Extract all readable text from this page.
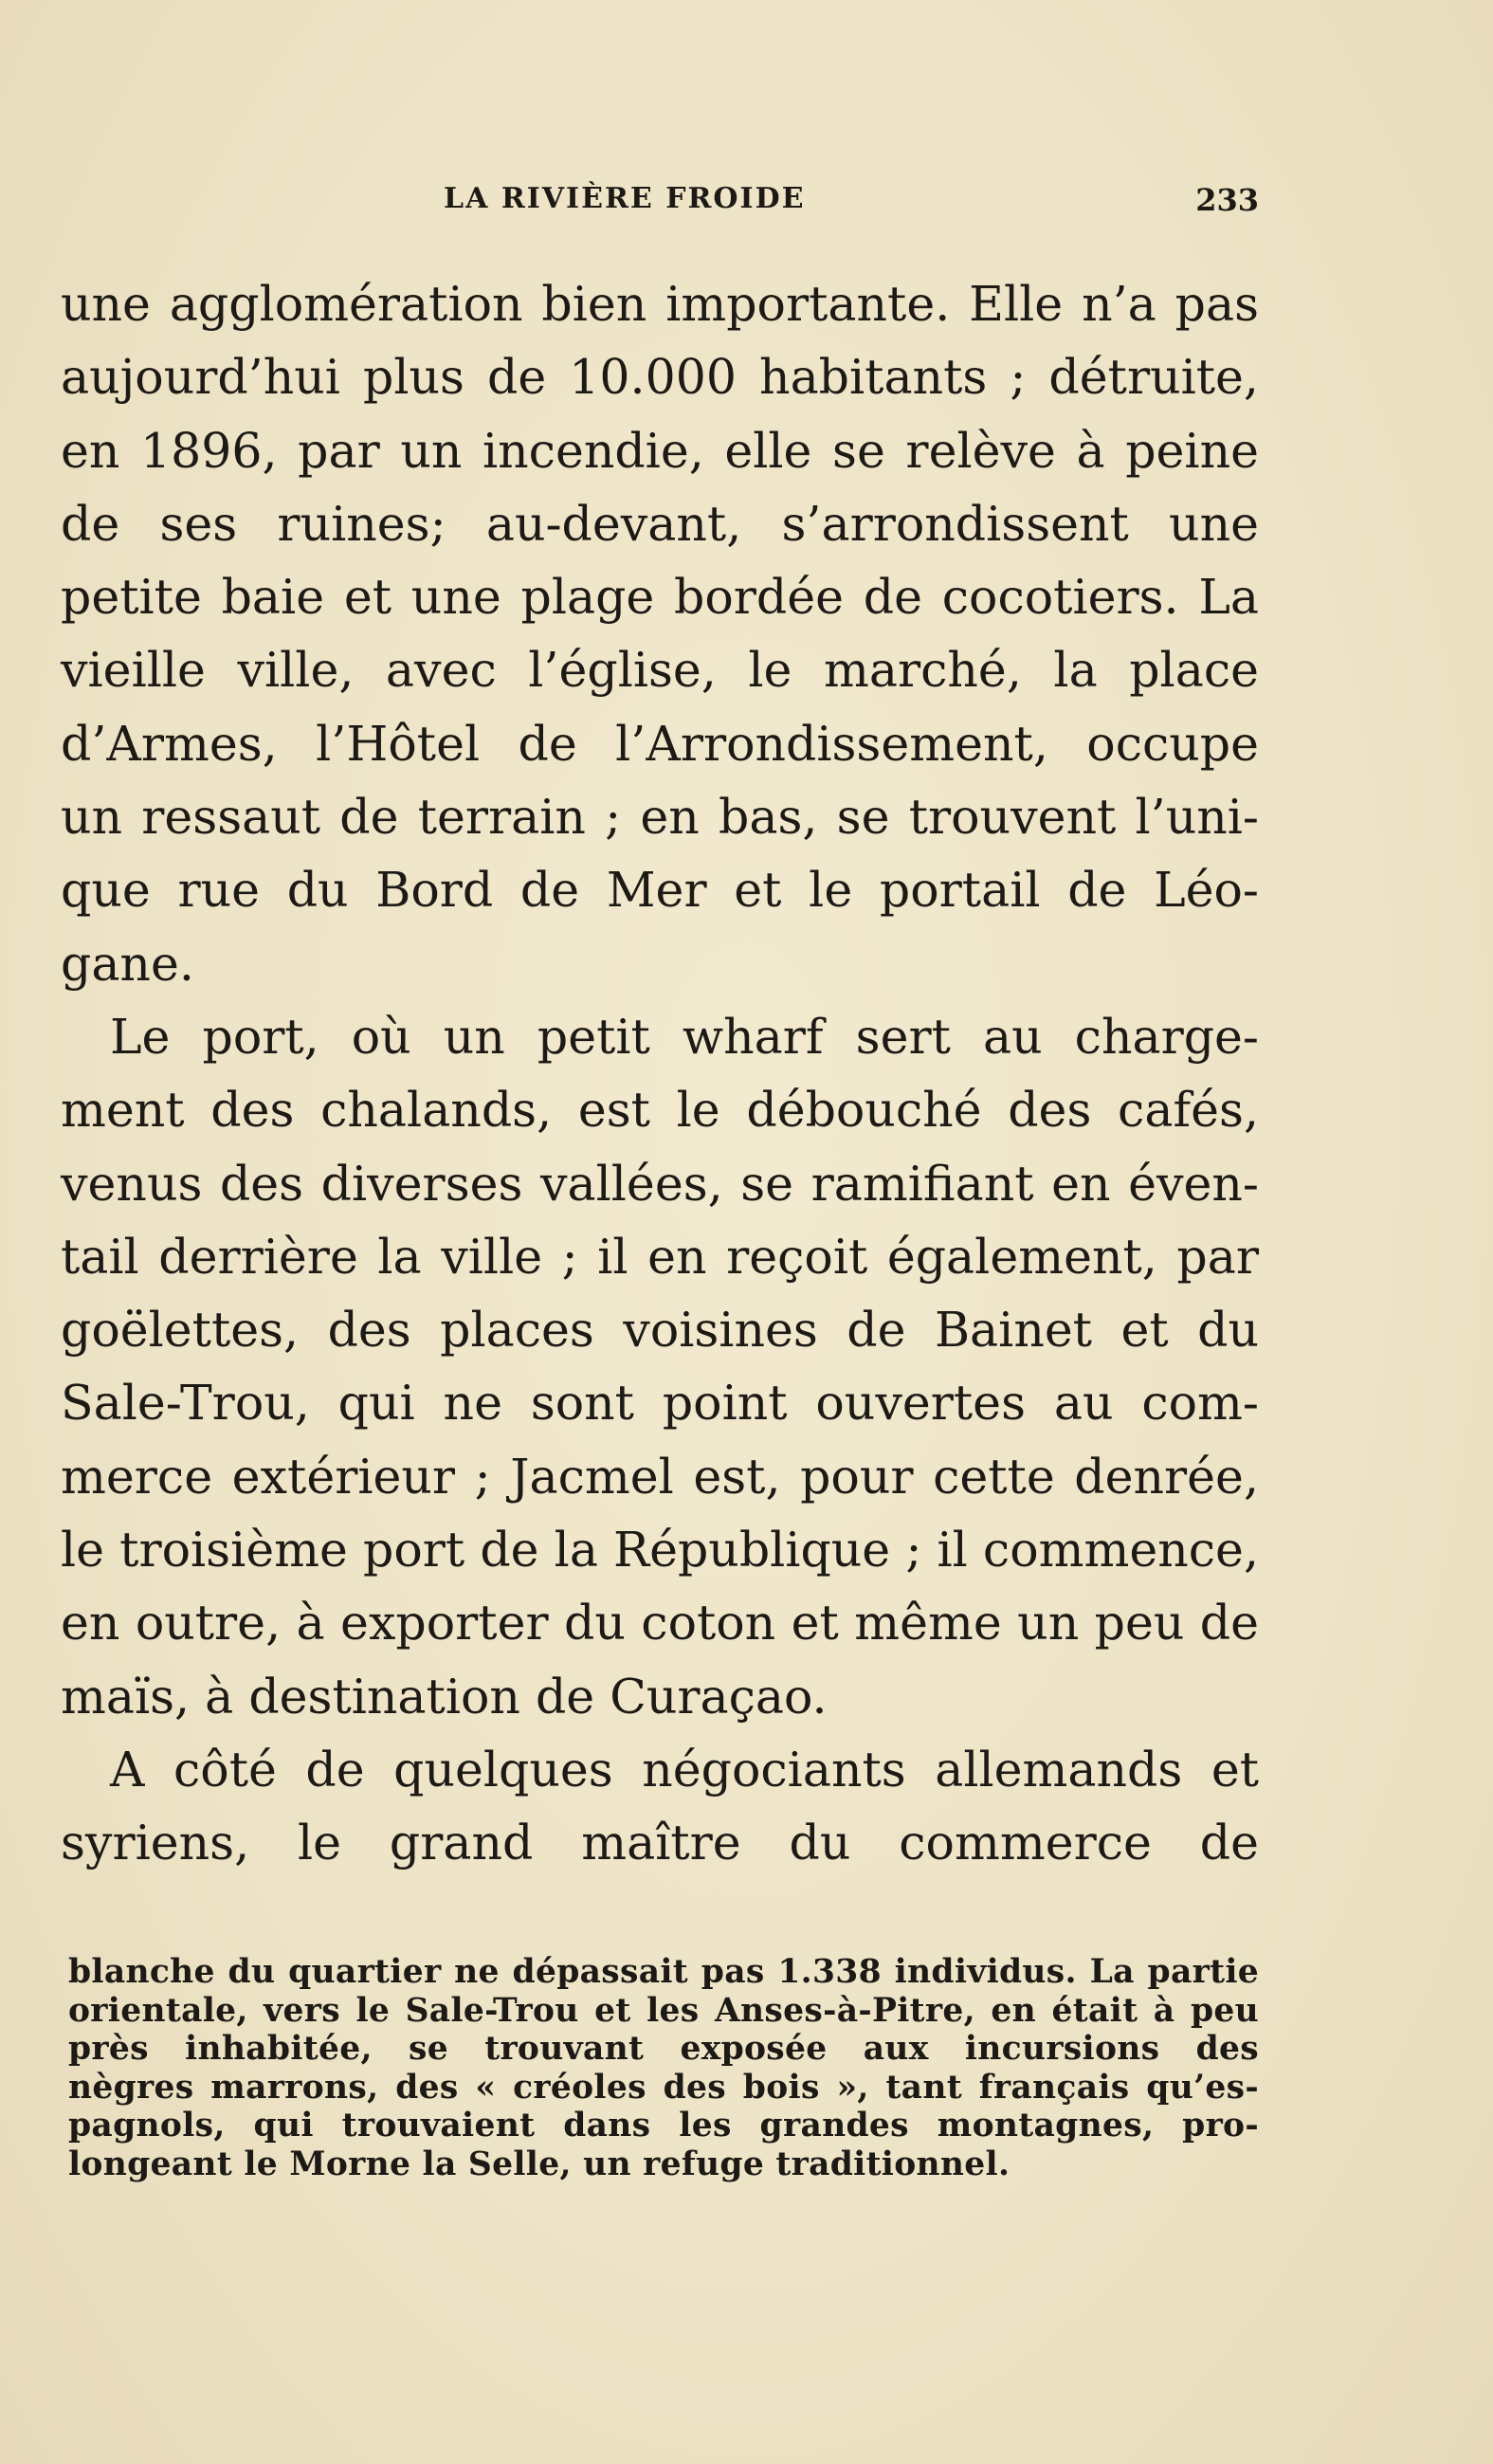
LA RIVIÈRE FROIDE	233
une agglomération bien importante. Elle n’a pas
aujourd’hui plus de 10.000 habitants ; détruite,
en 1896, par un incendie, elle se relève à peine
de ses ruines; au-devant, s’arrondissent une
petite baie et une plage bordée de cocotiers. La
vieille ville, avec l’église, le marché, la place
d’Armes, l’Hôtel de l’Arrondissement, occupe
un ressaut de terrain ; en bas, se trouvent l’uni-
que rue du Bord de Mer et le portail de Léo-
gane.
Le port, où un petit wharf sert au charge-
ment des chalands, est le débouché des cafés,
venus des diverses vallées, se ramifiant en éven-
tail derrière la ville ; il en reçoit également, par
goëlettes, des places voisines de Bainet et du
Sale-Trou, qui ne sont point ouvertes au com-
merce extérieur ; Jacmel est, pour cette denrée,
le troisième port de la République ; il commence,
en outre, à exporter du coton et même un peu de
maïs, à destination de Curaçao.
A côté de quelques négociants allemands et
syriens, le grand maître du commerce de
blanche du quartier ne dépassait pas 1.338 individus. La partie
orientale, vers le Sale-Trou et les Anses-à-Pitre, en était à peu
près inhabitée, se trouvant exposée aux incursions des
nègres marrons, des « créoles des bois », tant français qu’es-
pagnols, qui trouvaient dans les grandes montagnes, pro-
longeant le Morne la Selle, un refuge traditionnel.
